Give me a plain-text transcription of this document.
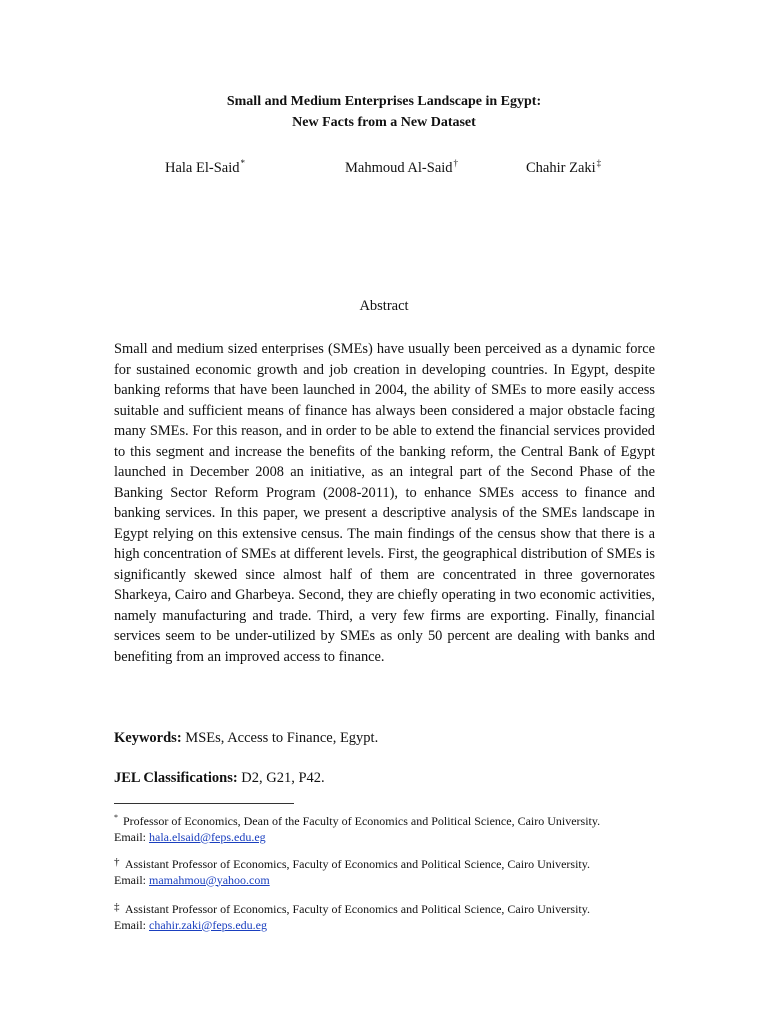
Small and Medium Enterprises Landscape in Egypt:
New Facts from a New Dataset
Hala El-Said*	Mahmoud Al-Said†	Chahir Zaki‡
Abstract

Small and medium sized enterprises (SMEs) have usually been perceived as a dynamic force for sustained economic growth and job creation in developing countries. In Egypt, despite banking reforms that have been launched in 2004, the ability of SMEs to more easily access suitable and sufficient means of finance has always been considered a major obstacle facing many SMEs. For this reason, and in order to be able to extend the financial services provided to this segment and increase the benefits of the banking reform, the Central Bank of Egypt launched in December 2008 an initiative, as an integral part of the Second Phase of the Banking Sector Reform Program (2008-2011), to enhance SMEs access to finance and banking services. In this paper, we present a descriptive analysis of the SMEs landscape in Egypt relying on this extensive census. The main findings of the census show that there is a high concentration of SMEs at different levels. First, the geographical distribution of SMEs is significantly skewed since almost half of them are concentrated in three governorates Sharkeya, Cairo and Gharbeya. Second, they are chiefly operating in two economic activities, namely manufacturing and trade. Third, a very few firms are exporting. Finally, financial services seem to be under-utilized by SMEs as only 50 percent are dealing with banks and benefiting from an improved access to finance.

Keywords: MSEs, Access to Finance, Egypt.
JEL Classifications: D2, G21, P42.
* Professor of Economics, Dean of the Faculty of Economics and Political Science, Cairo University.
Email: hala.elsaid@feps.edu.eg
† Assistant Professor of Economics, Faculty of Economics and Political Science, Cairo University.
Email: mamahmou@yahoo.com
‡ Assistant Professor of Economics, Faculty of Economics and Political Science, Cairo University.
Email: chahir.zaki@feps.edu.eg
